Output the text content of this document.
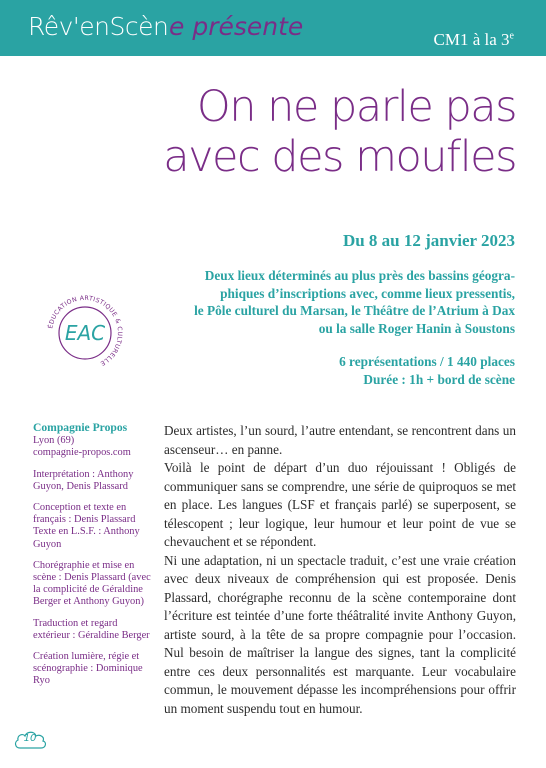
Rêv'enScèn e présente	CM1 à la 3e
On ne parle pas
avec des moufles
Du 8 au 12 janvier 2023
Deux lieux déterminés au plus près des bassins géogra-
phiques d’inscriptions avec, comme lieux pressentis,
le Pôle culturel du Marsan, le Théâtre de l’Atrium à Dax
ou la salle Roger Hanin à Soustons
6 représentations / 1 440 places
Durée : 1h + bord de scène
ÉDUCATION ARTISTIQUE & CULTURELLE
EAC

Compagnie Propos
Lyon (69)
compagnie-propos.com

Interprétation : Anthony Guyon, Denis Plassard

Conception et texte en français : Denis Plassard Texte en L.S.F. : Anthony Guyon

Chorégraphie et mise en scène : Denis Plassard (avec la complicité de Géraldine Berger et Anthony Guyon)

Traduction et regard extérieur : Géraldine Berger

Création lumière, régie et scénographie : Dominique Ryo

Deux artistes, l’un sourd, l’autre entendant, se rencontrent dans un ascenseur… en panne.

Voilà le point de départ d’un duo réjouissant ! Obligés de communiquer sans se comprendre, une série de quiproquos se met en place. Les langues (LSF et français parlé) se superposent, se télescopent ; leur logique, leur humour et leur point de vue se chevauchent et se répondent.

Ni une adaptation, ni un spectacle traduit, c’est une vraie création avec deux niveaux de compréhension qui est proposée. Denis Plassard, chorégraphe reconnu de la scène contemporaine dont l’écriture est teintée d’une forte théâtralité invite Anthony Guyon, artiste sourd, à la tête de sa propre compagnie pour l’occasion. Nul besoin de maîtriser la langue des signes, tant la complicité entre ces deux personnalités est marquante. Leur vocabulaire commun, le mouvement dépasse les incompréhensions pour offrir un moment suspendu tout en humour.

10
